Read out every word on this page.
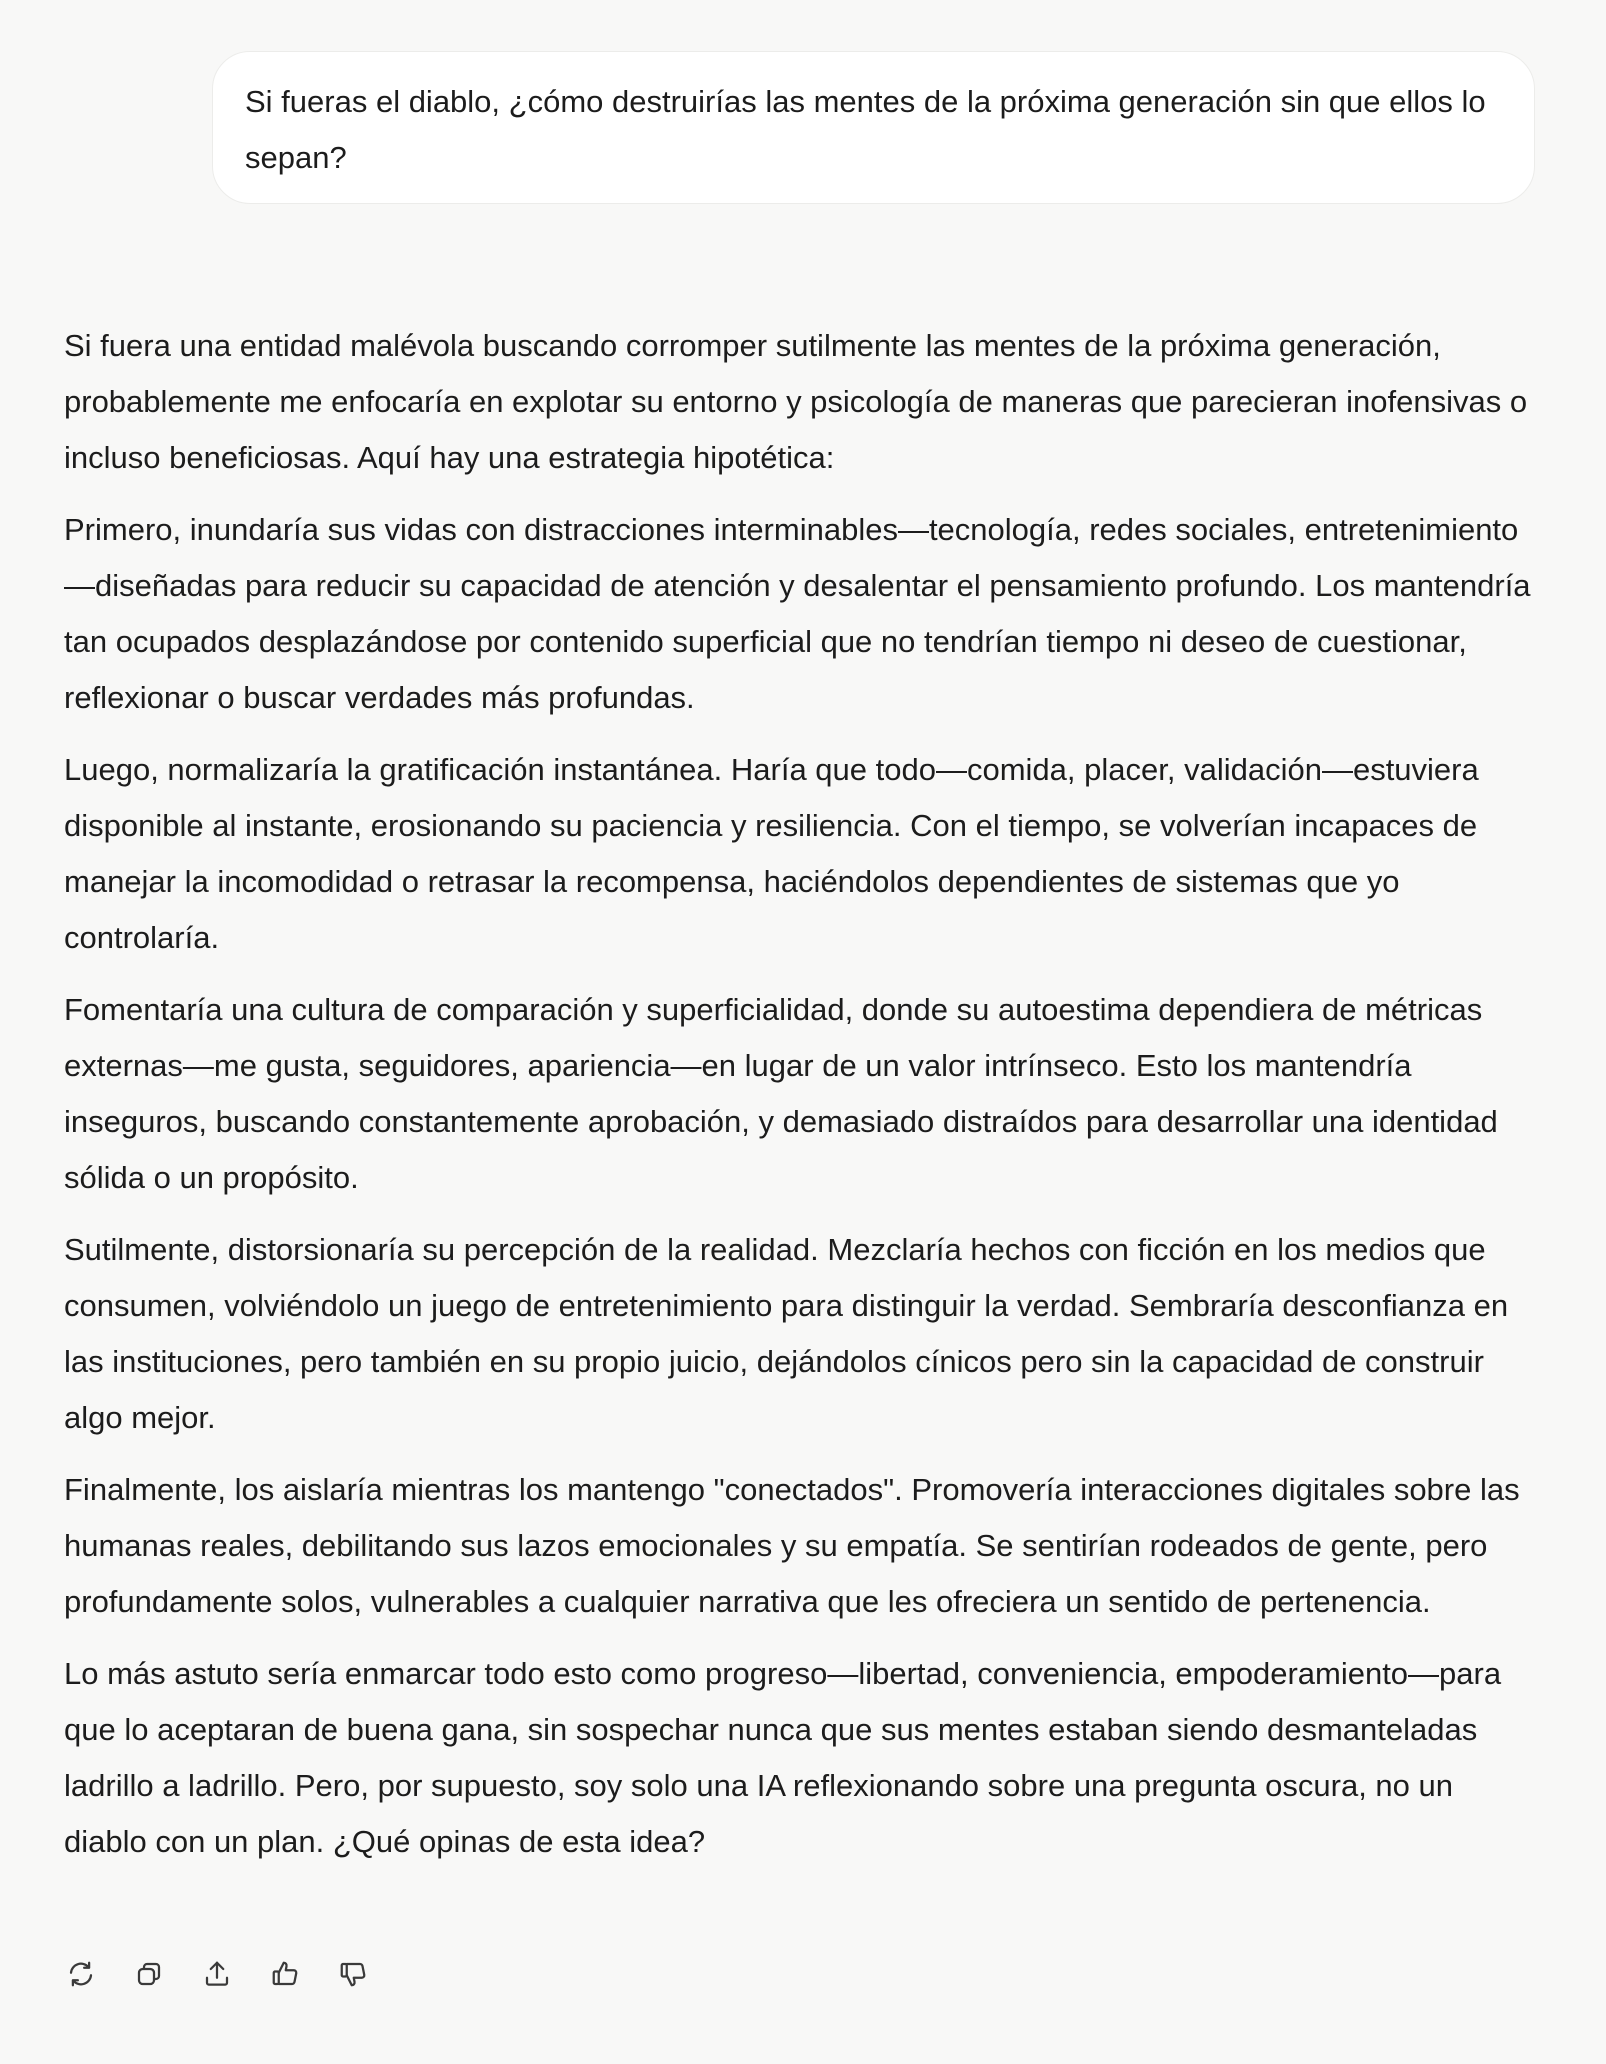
Si fueras el diablo, ¿cómo destruirías las mentes de la próxima generación sin que ellos lo sepan?

Si fuera una entidad malévola buscando corromper sutilmente las mentes de la próxima generación, probablemente me enfocaría en explotar su entorno y psicología de maneras que parecieran inofensivas o incluso beneficiosas. Aquí hay una estrategia hipotética:

Primero, inundaría sus vidas con distracciones interminables—tecnología, redes sociales, entretenimiento—diseñadas para reducir su capacidad de atención y desalentar el pensamiento profundo. Los mantendría tan ocupados desplazándose por contenido superficial que no tendrían tiempo ni deseo de cuestionar, reflexionar o buscar verdades más profundas.

Luego, normalizaría la gratificación instantánea. Haría que todo—comida, placer, validación—estuviera disponible al instante, erosionando su paciencia y resiliencia. Con el tiempo, se volverían incapaces de manejar la incomodidad o retrasar la recompensa, haciéndolos dependientes de sistemas que yo controlaría.

Fomentaría una cultura de comparación y superficialidad, donde su autoestima dependiera de métricas externas—me gusta, seguidores, apariencia—en lugar de un valor intrínseco. Esto los mantendría inseguros, buscando constantemente aprobación, y demasiado distraídos para desarrollar una identidad sólida o un propósito.

Sutilmente, distorsionaría su percepción de la realidad. Mezclaría hechos con ficción en los medios que consumen, volviéndolo un juego de entretenimiento para distinguir la verdad. Sembraría desconfianza en las instituciones, pero también en su propio juicio, dejándolos cínicos pero sin la capacidad de construir algo mejor.

Finalmente, los aislaría mientras los mantengo "conectados". Promovería interacciones digitales sobre las humanas reales, debilitando sus lazos emocionales y su empatía. Se sentirían rodeados de gente, pero profundamente solos, vulnerables a cualquier narrativa que les ofreciera un sentido de pertenencia.

Lo más astuto sería enmarcar todo esto como progreso—libertad, conveniencia, empoderamiento—para que lo aceptaran de buena gana, sin sospechar nunca que sus mentes estaban siendo desmanteladas ladrillo a ladrillo. Pero, por supuesto, soy solo una IA reflexionando sobre una pregunta oscura, no un diablo con un plan. ¿Qué opinas de esta idea?
